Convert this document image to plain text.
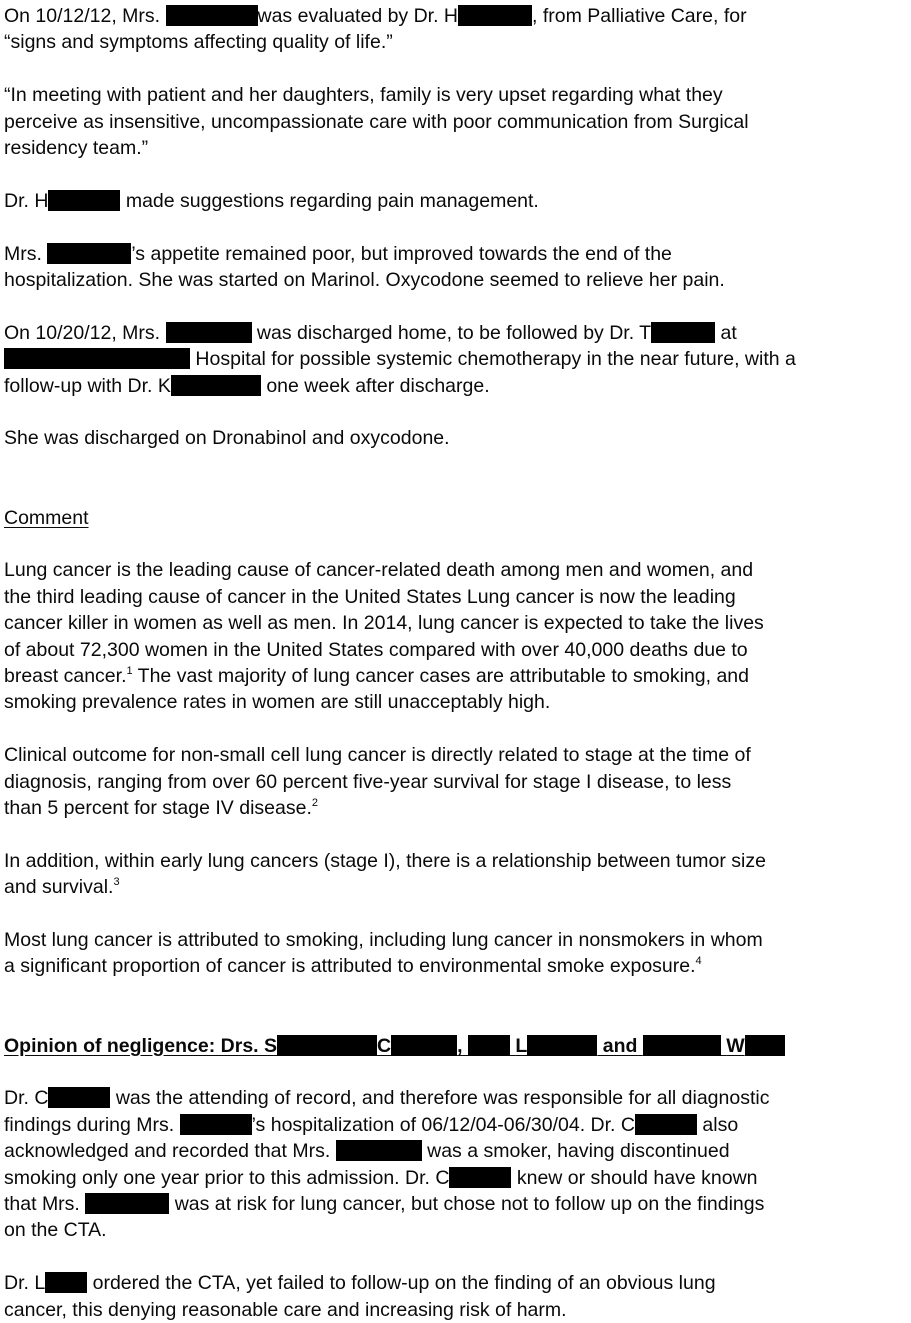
On 10/12/12, Mrs.	was evaluated by Dr. H	, from Palliative Care, for

“signs and symptoms affecting quality of life.”

“In meeting with patient and her daughters, family is very upset regarding what they

perceive as insensitive, uncompassionate care with poor communication from Surgical

residency team.”

Dr. H	made suggestions regarding pain management.

Mrs.	’s appetite remained poor, but improved towards the end of the

hospitalization. She was started on Marinol. Oxycodone seemed to relieve her pain.

On 10/20/12, Mrs.	was discharged home, to be followed by Dr. T	at

Hospital for possible systemic chemotherapy in the near future, with a

follow-up with Dr. K	one week after discharge.

She was discharged on Dronabinol and oxycodone.

Comment

Lung cancer is the leading cause of cancer-related death among men and women, and

the third leading cause of cancer in the United States Lung cancer is now the leading

cancer killer in women as well as men. In 2014, lung cancer is expected to take the lives

of about 72,300 women in the United States compared with over 40,000 deaths due to

breast cancer.$^1$ The vast majority of lung cancer cases are attributable to smoking, and

smoking prevalence rates in women are still unacceptably high.

Clinical outcome for non-small cell lung cancer is directly related to stage at the time of

diagnosis, ranging from over 60 percent five-year survival for stage I disease, to less

than 5 percent for stage IV disease.$^2$

In addition, within early lung cancers (stage I), there is a relationship between tumor size

and survival.$^3$

Most lung cancer is attributed to smoking, including lung cancer in nonsmokers in whom

a significant proportion of cancer is attributed to environmental smoke exposure.$^4$

Opinion of negligence: Drs. S	C	,	L	and	W

Dr. C	was the attending of record, and therefore was responsible for all diagnostic

findings during Mrs.	’s hospitalization of 06/12/04-06/30/04. Dr. C	also

acknowledged and recorded that Mrs.	was a smoker, having discontinued

smoking only one year prior to this admission. Dr. C	knew or should have known

that Mrs.	was at risk for lung cancer, but chose not to follow up on the findings

on the CTA.

Dr. L ordered the CTA, yet failed to follow-up on the finding of an obvious lung

cancer, this denying reasonable care and increasing risk of harm.
